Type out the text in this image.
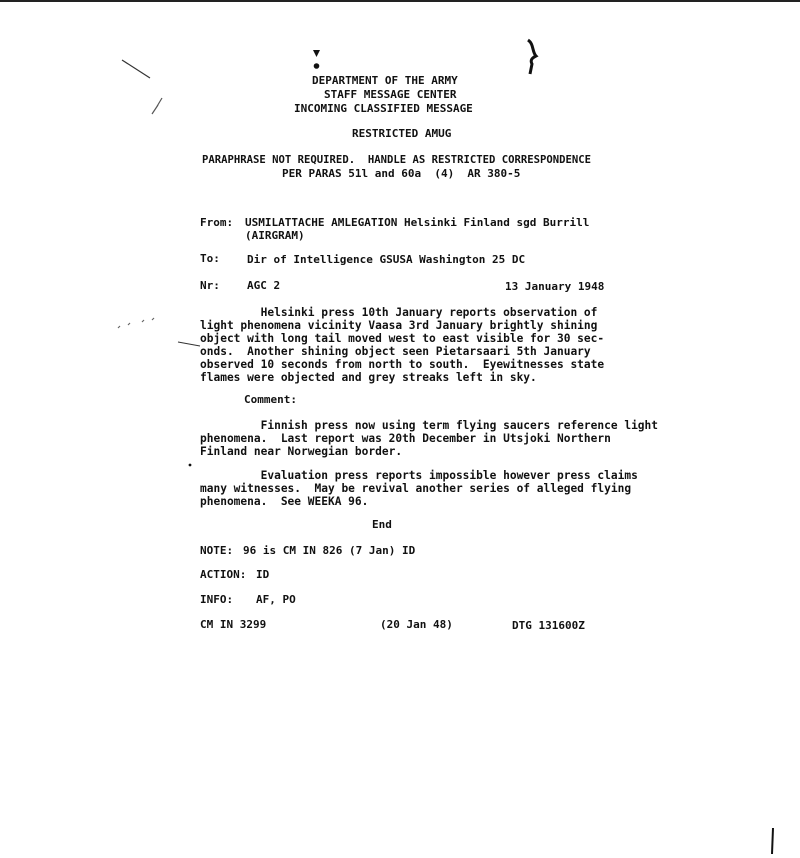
DEPARTMENT OF THE ARMY
STAFF MESSAGE CENTER
INCOMING CLASSIFIED MESSAGE
RESTRICTED AMUG
PARAPHRASE NOT REQUIRED.  HANDLE AS RESTRICTED CORRESPONDENCE
PER PARAS 51l and 60a  (4)  AR 380-5
From: USMILATTACHE AMLEGATION Helsinki Finland sgd Burrill
(AIRGRAM)
To: Dir of Intelligence GSUSA Washington 25 DC
Nr: AGC 2	13 January 1948
Helsinki press 10th January reports observation of
light phenomena vicinity Vaasa 3rd January brightly shining
object with long tail moved west to east visible for 30 sec-
onds.  Another shining object seen Pietarsaari 5th January
observed 10 seconds from north to south.  Eyewitnesses state
flames were objected and grey streaks left in sky.
Comment:
Finnish press now using term flying saucers reference light
phenomena.  Last report was 20th December in Utsjoki Northern
Finland near Norwegian border.
Evaluation press reports impossible however press claims
many witnesses.  May be revival another series of alleged flying
phenomena.  See WEEKA 96.
End
NOTE: 96 is CM IN 826 (7 Jan) ID
ACTION: ID
INFO: AF, PO
CM IN 3299	(20 Jan 48)	DTG 131600Z
